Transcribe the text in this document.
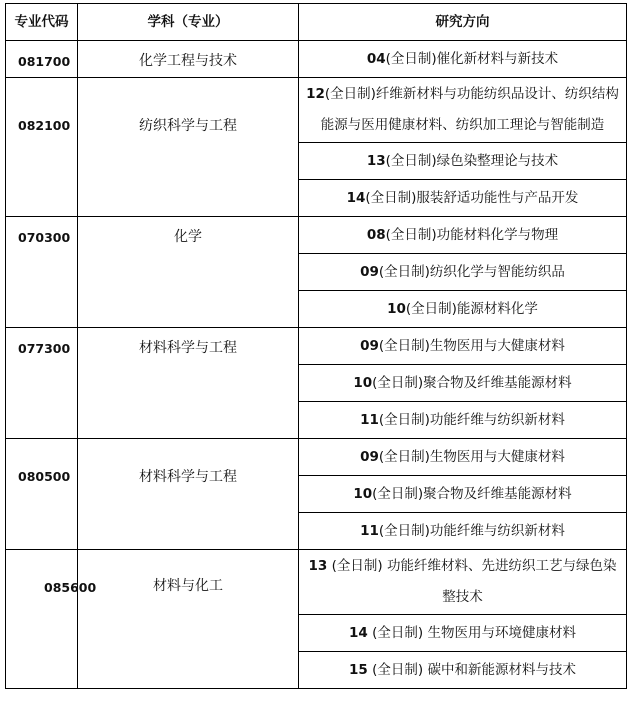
专业代码	学科（专业）	研究方向
081700	化学工程与技术	04(全日制)催化新材料与新技术
082100	纺织科学与工程	12(全日制)纤维新材料与功能纺织品设计、纺织结构能源与医用健康材料、纺织加工理论与智能制造
		13(全日制)绿色染整理论与技术
		14(全日制)服装舒适功能性与产品开发
070300	化学	08(全日制)功能材料化学与物理
		09(全日制)纺织化学与智能纺织品
		10(全日制)能源材料化学
077300	材料科学与工程	09(全日制)生物医用与大健康材料
		10(全日制)聚合物及纤维基能源材料
		11(全日制)功能纤维与纺织新材料
080500	材料科学与工程	09(全日制)生物医用与大健康材料
		10(全日制)聚合物及纤维基能源材料
		11(全日制)功能纤维与纺织新材料
085600	材料与化工	13 (全日制) 功能纤维材料、先进纺织工艺与绿色染整技术
		14 (全日制) 生物医用与环境健康材料
		15 (全日制) 碳中和新能源材料与技术
